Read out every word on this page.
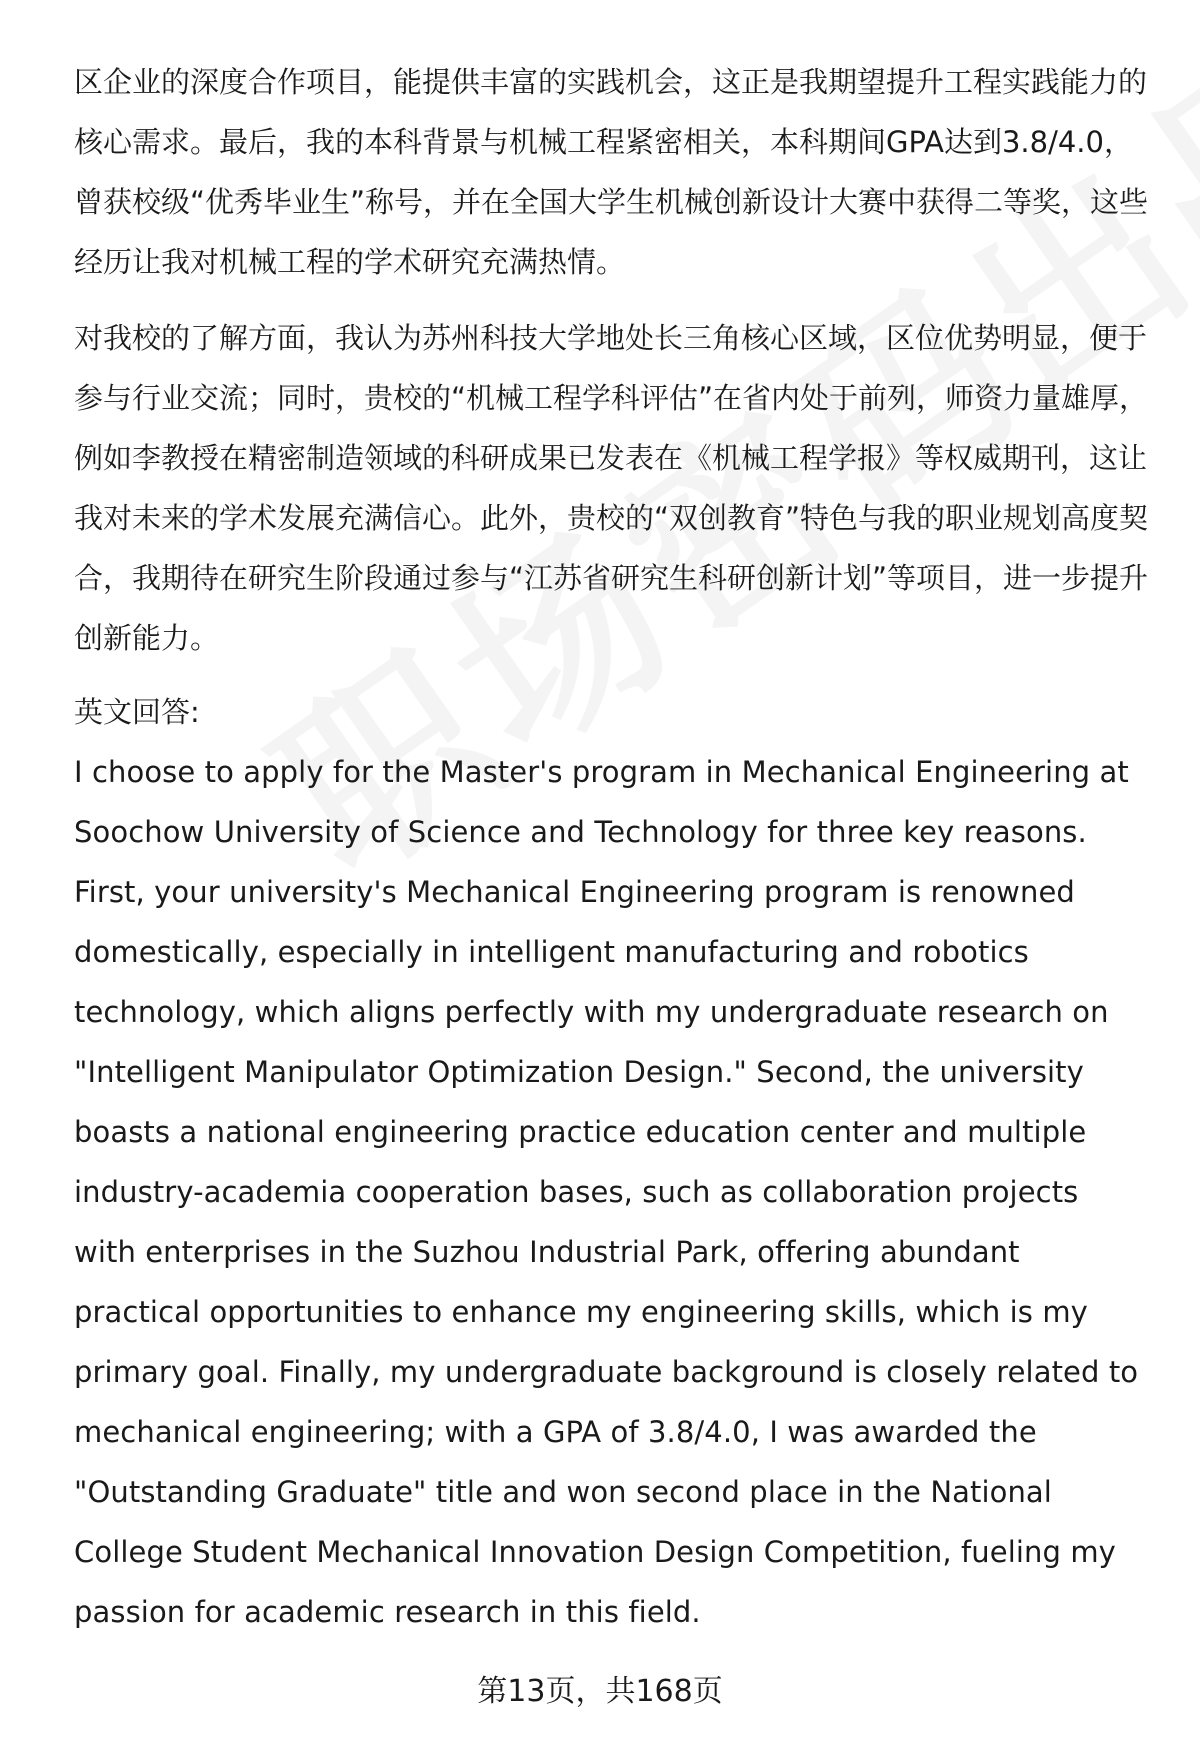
区企业的深度合作项目，能提供丰富的实践机会，这正是我期望提升工程实践能力的核心需求。最后，我的本科背景与机械工程紧密相关，本科期间GPA达到3.8/4.0，曾获校级“优秀毕业生”称号，并在全国大学生机械创新设计大赛中获得二等奖，这些经历让我对机械工程的学术研究充满热情。

对我校的了解方面，我认为苏州科技大学地处长三角核心区域，区位优势明显，便于参与行业交流；同时，贵校的“机械工程学科评估”在省内处于前列，师资力量雄厚，例如李教授在精密制造领域的科研成果已发表在《机械工程学报》等权威期刊，这让我对未来的学术发展充满信心。此外，贵校的“双创教育”特色与我的职业规划高度契合，我期待在研究生阶段通过参与“江苏省研究生科研创新计划”等项目，进一步提升创新能力。

英文回答:

I choose to apply for the Master's program in Mechanical Engineering at Soochow University of Science and Technology for three key reasons. First, your university's Mechanical Engineering program is renowned domestically, especially in intelligent manufacturing and robotics technology, which aligns perfectly with my undergraduate research on "Intelligent Manipulator Optimization Design." Second, the university boasts a national engineering practice education center and multiple industry-academia cooperation bases, such as collaboration projects with enterprises in the Suzhou Industrial Park, offering abundant practical opportunities to enhance my engineering skills, which is my primary goal. Finally, my undergraduate background is closely related to mechanical engineering; with a GPA of 3.8/4.0, I was awarded the "Outstanding Graduate" title and won second place in the National College Student Mechanical Innovation Design Competition, fueling my passion for academic research in this field.

第13页，共168页
